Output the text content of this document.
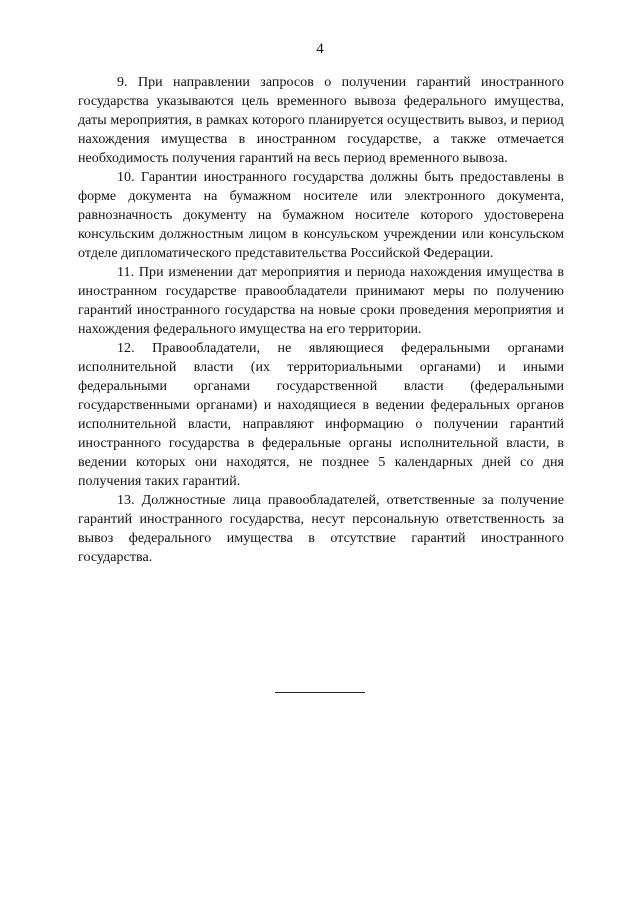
4

9. При направлении запросов о получении гарантий иностранного государства указываются цель временного вывоза федерального имущества, даты мероприятия, в рамках которого планируется осуществить вывоз, и период нахождения имущества в иностранном государстве, а также отмечается необходимость получения гарантий на весь период временного вывоза.

10. Гарантии иностранного государства должны быть предоставлены в форме документа на бумажном носителе или электронного документа, равнозначность документу на бумажном носителе которого удостоверена консульским должностным лицом в консульском учреждении или консульском отделе дипломатического представительства Российской Федерации.

11. При изменении дат мероприятия и периода нахождения имущества в иностранном государстве правообладатели принимают меры по получению гарантий иностранного государства на новые сроки проведения мероприятия и нахождения федерального имущества на его территории.

12. Правообладатели, не являющиеся федеральными органами исполнительной власти (их территориальными органами) и иными федеральными органами государственной власти (федеральными государственными органами) и находящиеся в ведении федеральных органов исполнительной власти, направляют информацию о получении гарантий иностранного государства в федеральные органы исполнительной власти, в ведении которых они находятся, не позднее 5 календарных дней со дня получения таких гарантий.

13. Должностные лица правообладателей, ответственные за получение гарантий иностранного государства, несут персональную ответственность за вывоз федерального имущества в отсутствие гарантий иностранного государства.
